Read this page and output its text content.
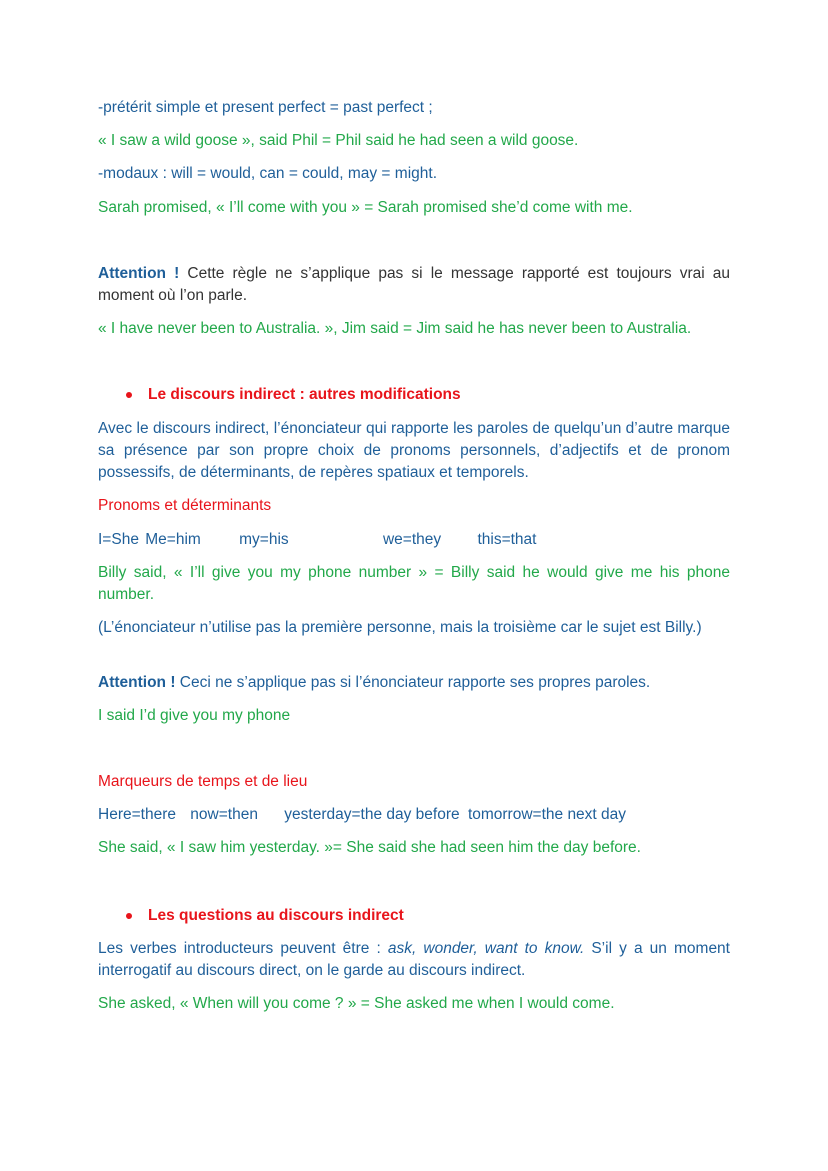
-prétérit simple et present perfect = past perfect ;
« I saw a wild goose », said Phil = Phil said he had seen a wild goose.
-modaux : will = would, can = could, may = might.
Sarah promised, « I’ll come with you » = Sarah promised she’d come with me.
Attention ! Cette règle ne s’applique pas si le message rapporté est toujours vrai au moment où l’on parle.
« I have never been to Australia. », Jim said = Jim said he has never been to Australia.
Le discours indirect : autres modifications
Avec le discours indirect, l’énonciateur qui rapporte les paroles de quelqu’un d’autre marque sa présence par son propre choix de pronoms personnels, d’adjectifs et de pronom possessifs, de déterminants, de repères spatiaux et temporels.
Pronoms et déterminants
I=She Me=him my=his	we=they this=that
Billy said, « I’ll give you my phone number » = Billy said he would give me his phone number.
(L’énonciateur n’utilise pas la première personne, mais la troisième car le sujet est Billy.)
Attention ! Ceci ne s’applique pas si l’énonciateur rapporte ses propres paroles.
I said I’d give you my phone
Marqueurs de temps et de lieu
Here=there now=then yesterday=the day before tomorrow=the next day
She said, « I saw him yesterday. »= She said she had seen him the day before.
Les questions au discours indirect
Les verbes introducteurs peuvent être : ask, wonder, want to know. S’il y a un moment interrogatif au discours direct, on le garde au discours indirect.
She asked, « When will you come ? » = She asked me when I would come.
